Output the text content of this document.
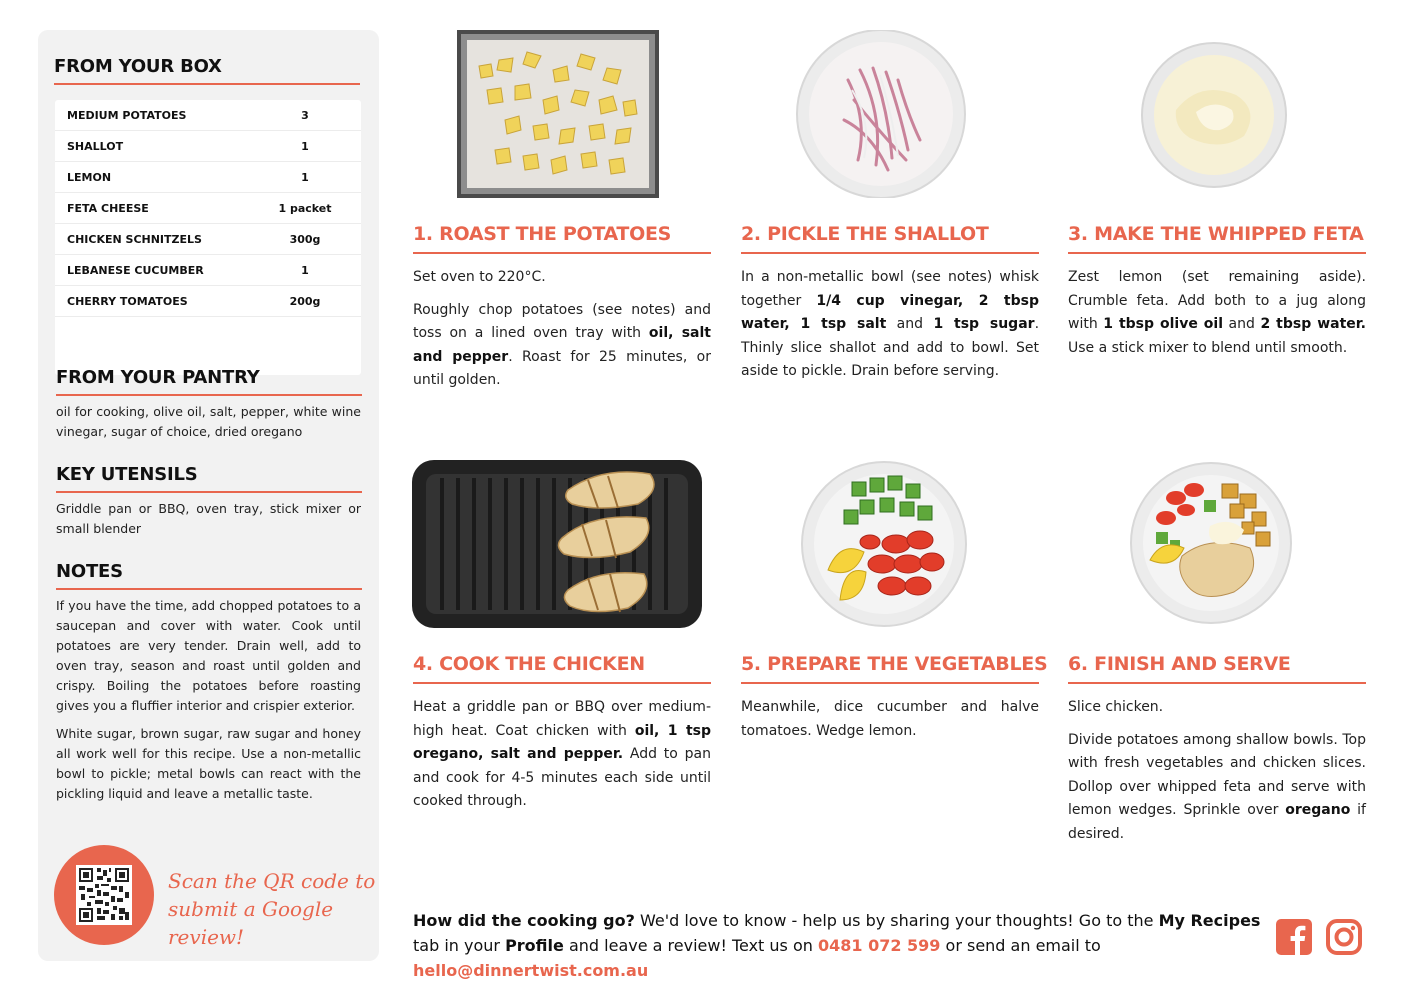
FROM YOUR BOX
MEDIUM POTATOES	3
SHALLOT	1
LEMON	1
FETA CHEESE	1 packet
CHICKEN SCHNITZELS	300g
LEBANESE CUCUMBER	1
CHERRY TOMATOES	200g
FROM YOUR PANTRY
oil for cooking, olive oil, salt, pepper, white wine vinegar, sugar of choice, dried oregano
KEY UTENSILS
Griddle pan or BBQ, oven tray, stick mixer or small blender
NOTES

If you have the time, add chopped potatoes to a saucepan and cover with water. Cook until potatoes are very tender. Drain well, add to oven tray, season and roast until golden and crispy. Boiling the potatoes before roasting gives you a fluffier interior and crispier exterior.

White sugar, brown sugar, raw sugar and honey all work well for this recipe. Use a non-metallic bowl to pickle; metal bowls can react with the pickling liquid and leave a metallic taste.

Scan the QR code to
submit a Google review!
1. ROAST THE POTATOES

Set oven to 220°C.

Roughly chop potatoes (see notes) and toss on a lined oven tray with oil, salt and pepper. Roast for 25 minutes, or until golden.

2. PICKLE THE SHALLOT

In a non-metallic bowl (see notes) whisk together 1/4 cup vinegar, 2 tbsp water, 1 tsp salt and 1 tsp sugar. Thinly slice shallot and add to bowl. Set aside to pickle. Drain before serving.

3. MAKE THE WHIPPED FETA

Zest lemon (set remaining aside). Crumble feta. Add both to a jug along with 1 tbsp olive oil and 2 tbsp water. Use a stick mixer to blend until smooth.

4. COOK THE CHICKEN

Heat a griddle pan or BBQ over medium-high heat. Coat chicken with oil, 1 tsp oregano, salt and pepper. Add to pan and cook for 4-5 minutes each side until cooked through.

5. PREPARE THE VEGETABLES

Meanwhile, dice cucumber and halve tomatoes. Wedge lemon.

6. FINISH AND SERVE

Slice chicken.

Divide potatoes among shallow bowls. Top with fresh vegetables and chicken slices. Dollop over whipped feta and serve with lemon wedges. Sprinkle over oregano if desired.

How did the cooking go? We'd love to know - help us by sharing your thoughts! Go to the My Recipes tab in your Profile and leave a review! Text us on 0481 072 599 or send an email to hello@dinnertwist.com.au
